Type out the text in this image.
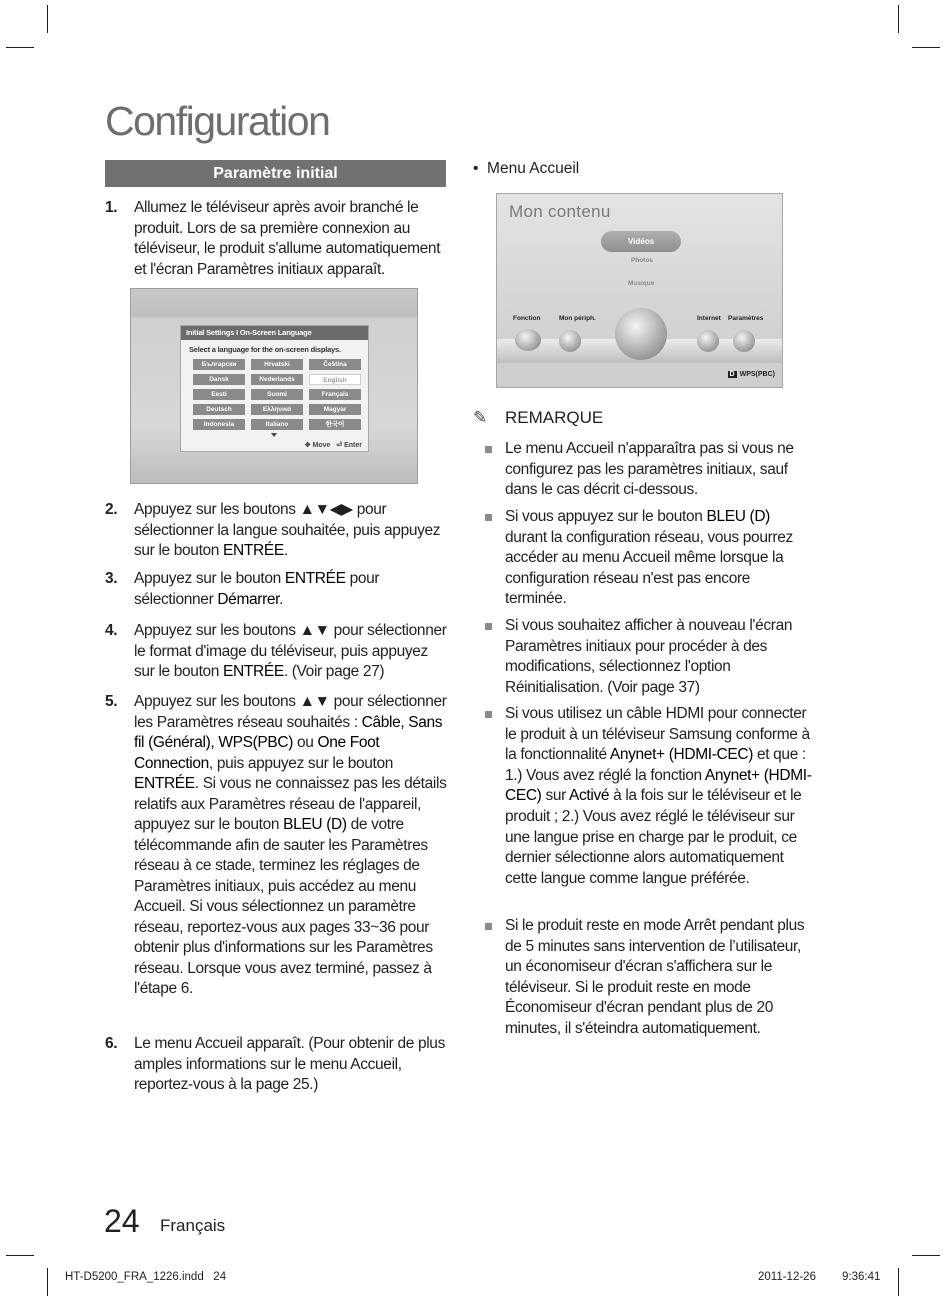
Configuration
Paramètre initial
1. Allumez le téléviseur après avoir branché le produit. Lors de sa première connexion au téléviseur, le produit s'allume automatiquement et l'écran Paramètres initiaux apparaît.
Initial Settings I On-Screen Language
Select a language for the on-screen displays.
Български	Hrvatski	Čeština
Dansk	Nederlands	English
Eesti	Suomi	Français
Deutsch	Ελληνικά	Magyar
Indonesia	Italiano	한국어
✥ Move ⏎ Enter
2. Appuyez sur les boutons ▲▼◀▶ pour sélectionner la langue souhaitée, puis appuyez sur le bouton ENTRÉE.
3. Appuyez sur le bouton ENTRÉE pour sélectionner Démarrer.
4. Appuyez sur les boutons ▲▼ pour sélectionner le format d'image du téléviseur, puis appuyez sur le bouton ENTRÉE. (Voir page 27)
5. Appuyez sur les boutons ▲▼ pour sélectionner les Paramètres réseau souhaités : Câble, Sans fil (Général), WPS(PBC) ou One Foot Connection, puis appuyez sur le bouton ENTRÉE. Si vous ne connaissez pas les détails relatifs aux Paramètres réseau de l'appareil, appuyez sur le bouton BLEU (D) de votre télécommande afin de sauter les Paramètres réseau à ce stade, terminez les réglages de Paramètres initiaux, puis accédez au menu Accueil. Si vous sélectionnez un paramètre réseau, reportez-vous aux pages 33~36 pour obtenir plus d'informations sur les Paramètres réseau. Lorsque vous avez terminé, passez à l'étape 6.
6. Le menu Accueil apparaît. (Pour obtenir de plus amples informations sur le menu Accueil, reportez-vous à la page 25.)
•  Menu Accueil
Mon contenu
Vidéos
Photos
Musique
Fonction	Mon périph.	Internet Paramètres
D WPS(PBC)
✎ REMARQUE
Le menu Accueil n'apparaîtra pas si vous ne configurez pas les paramètres initiaux, sauf dans le cas décrit ci-dessous.
Si vous appuyez sur le bouton BLEU (D) durant la configuration réseau, vous pourrez accéder au menu Accueil même lorsque la configuration réseau n'est pas encore terminée.
Si vous souhaitez afficher à nouveau l'écran Paramètres initiaux pour procéder à des modifications, sélectionnez l'option Réinitialisation. (Voir page 37)
Si vous utilisez un câble HDMI pour connecter le produit à un téléviseur Samsung conforme à la fonctionnalité Anynet+ (HDMI-CEC) et que : 1.) Vous avez réglé la fonction Anynet+ (HDMI-CEC) sur Activé à la fois sur le téléviseur et le produit ; 2.) Vous avez réglé le téléviseur sur une langue prise en charge par le produit, ce dernier sélectionne alors automatiquement cette langue comme langue préférée.
Si le produit reste en mode Arrêt pendant plus de 5 minutes sans intervention de l’utilisateur, un économiseur d'écran s'affichera sur le téléviseur. Si le produit reste en mode Économiseur d'écran pendant plus de 20 minutes, il s'éteindra automatiquement.
24 Français
HT-D5200_FRA_1226.indd   24	2011-12-26 9:36:41
